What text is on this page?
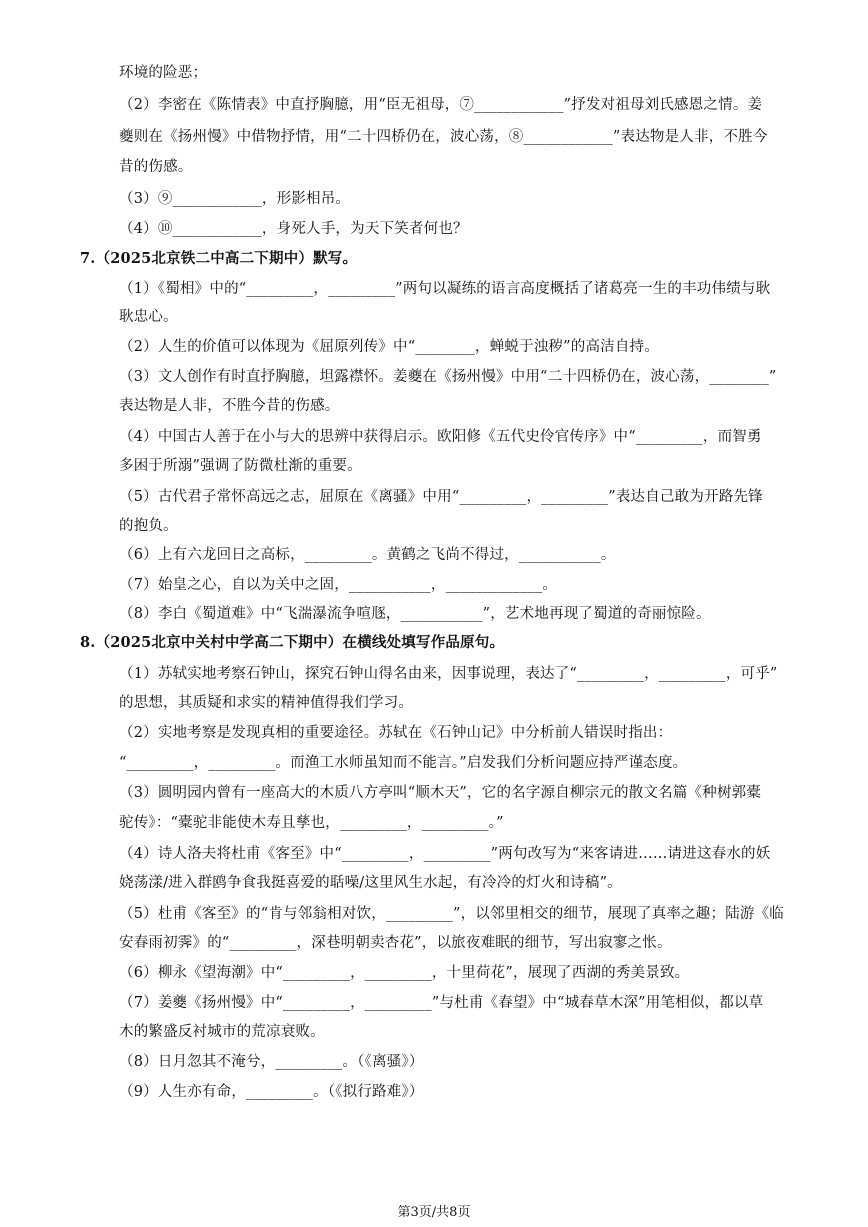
环境的险恶；
（2）李密在《陈情表》中直抒胸臆，用“臣无祖母，⑦____________”抒发对祖母刘氏感恩之情。姜
夔则在《扬州慢》中借物抒情，用“二十四桥仍在，波心荡，⑧____________”表达物是人非，不胜今
昔的伤感。
（3）⑨____________，形影相吊。
（4）⑩____________，身死人手，为天下笑者何也？
7.（2025北京铁二中高二下期中）默写。
（1）《蜀相》中的“_________，_________”两句以凝练的语言高度概括了诸葛亮一生的丰功伟绩与耿
耿忠心。
（2）人生的价值可以体现为《屈原列传》中“________，蝉蜕于浊秽”的高洁自持。
（3）文人创作有时直抒胸臆，坦露襟怀。姜夔在《扬州慢》中用“二十四桥仍在，波心荡，________”
表达物是人非，不胜今昔的伤感。
（4）中国古人善于在小与大的思辨中获得启示。欧阳修《五代史伶官传序》中“_________，而智勇
多困于所溺”强调了防微杜渐的重要。
（5）古代君子常怀高远之志，屈原在《离骚》中用“_________，_________”表达自己敢为开路先锋
的抱负。
（6）上有六龙回日之高标，_________。黄鹤之飞尚不得过，___________。
（7）始皇之心，自以为关中之固，___________，_____________。
（8）李白《蜀道难》中“飞湍瀑流争喧豗，___________”，艺术地再现了蜀道的奇丽惊险。
8.（2025北京中关村中学高二下期中）在横线处填写作品原句。
（1）苏轼实地考察石钟山，探究石钟山得名由来，因事说理，表达了“_________，_________，可乎”
的思想，其质疑和求实的精神值得我们学习。
（2）实地考察是发现真相的重要途径。苏轼在《石钟山记》中分析前人错误时指出：
“_________，_________。而渔工水师虽知而不能言。”启发我们分析问题应持严谨态度。
（3）圆明园内曾有一座高大的木质八方亭叫“顺木天”，它的名字源自柳宗元的散文名篇《种树郭橐
驼传》：“橐驼非能使木寿且孳也，_________，_________。”
（4）诗人洛夫将杜甫《客至》中“_________，_________”两句改写为“来客请进……请进这春水的妖
娆荡漾/进入群鸥争食我挺喜爱的聒噪/这里风生水起，有冷冷的灯火和诗稿”。
（5）杜甫《客至》的“肯与邻翁相对饮，_________”，以邻里相交的细节，展现了真率之趣；陆游《临
安春雨初霁》的“_________，深巷明朝卖杏花”，以旅夜难眠的细节，写出寂寥之怅。
（6）柳永《望海潮》中“_________，_________，十里荷花”，展现了西湖的秀美景致。
（7）姜夔《扬州慢》中“_________，_________”与杜甫《春望》中“城春草木深”用笔相似，都以草
木的繁盛反衬城市的荒凉衰败。
（8）日月忽其不淹兮，_________。（《离骚》）
（9）人生亦有命，_________。（《拟行路难》）
第3页/共8页
